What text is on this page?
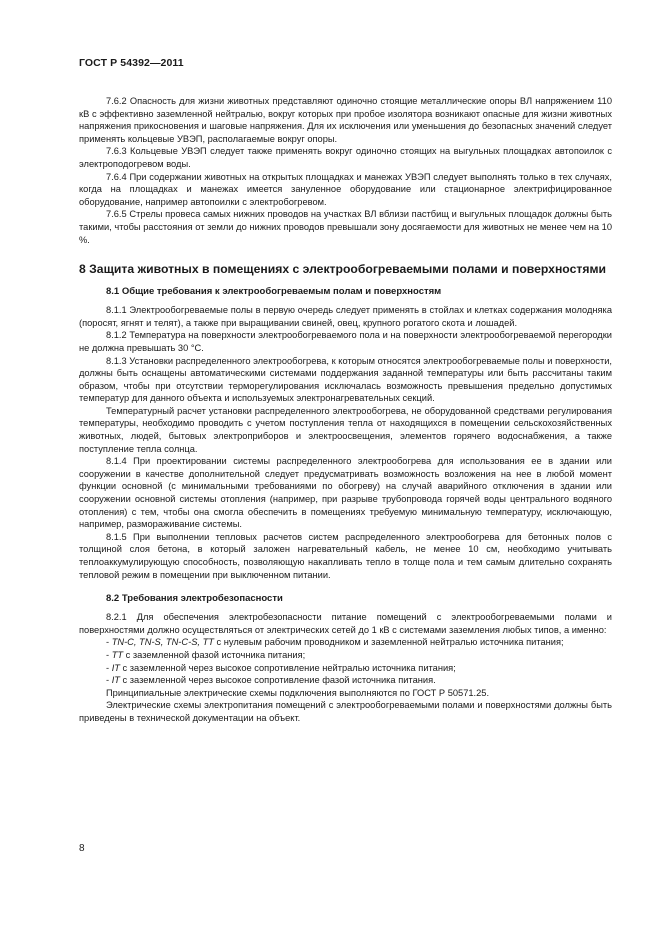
ГОСТ Р 54392—2011

7.6.2 Опасность для жизни животных представляют одиночно стоящие металлические опоры ВЛ напряжением 110 кВ с эффективно заземленной нейтралью, вокруг которых при пробое изолятора возникают опасные для жизни животных напряжения прикосновения и шаговые напряжения. Для их исключения или уменьшения до безопасных значений следует применять кольцевые УВЭП, располагаемые вокруг опоры.

7.6.3 Кольцевые УВЭП следует также применять вокруг одиночно стоящих на выгульных площадках автопоилок с электроподогревом воды.

7.6.4 При содержании животных на открытых площадках и манежах УВЭП следует выполнять только в тех случаях, когда на площадках и манежах имеется зануленное оборудование или стационарное электрифицированное оборудование, например автопоилки с электробогревом.

7.6.5 Стрелы провеса самых нижних проводов на участках ВЛ вблизи пастбищ и выгульных площадок должны быть такими, чтобы расстояния от земли до нижних проводов превышали зону досягаемости для животных не менее чем на 10 %.

8 Защита животных в помещениях с электрообогреваемыми полами и поверхностями
8.1 Общие требования к электрообогреваемым полам и поверхностям

8.1.1 Электрообогреваемые полы в первую очередь следует применять в стойлах и клетках содержания молодняка (поросят, ягнят и телят), а также при выращивании свиней, овец, крупного рогатого скота и лошадей.

8.1.2 Температура на поверхности электрообогреваемого пола и на поверхности электрообогреваемой перегородки не должна превышать 30 °С.

8.1.3 Установки распределенного электрообогрева, к которым относятся электрообогреваемые полы и поверхности, должны быть оснащены автоматическими системами поддержания заданной температуры или быть рассчитаны таким образом, чтобы при отсутствии терморегулирования исключалась возможность превышения предельно допустимых температур для данного объекта и используемых электронагревательных секций.

Температурный расчет установки распределенного электрообогрева, не оборудованной средствами регулирования температуры, необходимо проводить с учетом поступления тепла от находящихся в помещении сельскохозяйственных животных, людей, бытовых электроприборов и электроосвещения, элементов горячего водоснабжения, а также поступление тепла солнца.

8.1.4 При проектировании системы распределенного электрообогрева для использования ее в здании или сооружении в качестве дополнительной следует предусматривать возможность возложения на нее в любой момент функции основной (с минимальными требованиями по обогреву) на случай аварийного отключения в здании или сооружении основной системы отопления (например, при разрыве трубопровода горячей воды центрального водяного отопления) с тем, чтобы она смогла обеспечить в помещениях требуемую минимальную температуру, исключающую, например, размораживание системы.

8.1.5 При выполнении тепловых расчетов систем распределенного электрообогрева для бетонных полов с толщиной слоя бетона, в который заложен нагревательный кабель, не менее 10 см, необходимо учитывать теплоаккумулирующую способность, позволяющую накапливать тепло в толще пола и тем самым длительно сохранять тепловой режим в помещении при выключенном питании.

8.2 Требования электробезопасности

8.2.1 Для обеспечения электробезопасности питание помещений с электрообогреваемыми полами и поверхностями должно осуществляться от электрических сетей до 1 кВ с системами заземления любых типов, а именно:

- TN-C, TN-S, TN-C-S, TT с нулевым рабочим проводником и заземленной нейтралью источника питания;

- TT с заземленной фазой источника питания;

- IT с заземленной через высокое сопротивление нейтралью источника питания;

- IT с заземленной через высокое сопротивление фазой источника питания.

Принципиальные электрические схемы подключения выполняются по ГОСТ Р 50571.25.

Электрические схемы электропитания помещений с электрообогреваемыми полами и поверхностями должны быть приведены в технической документации на объект.

8
